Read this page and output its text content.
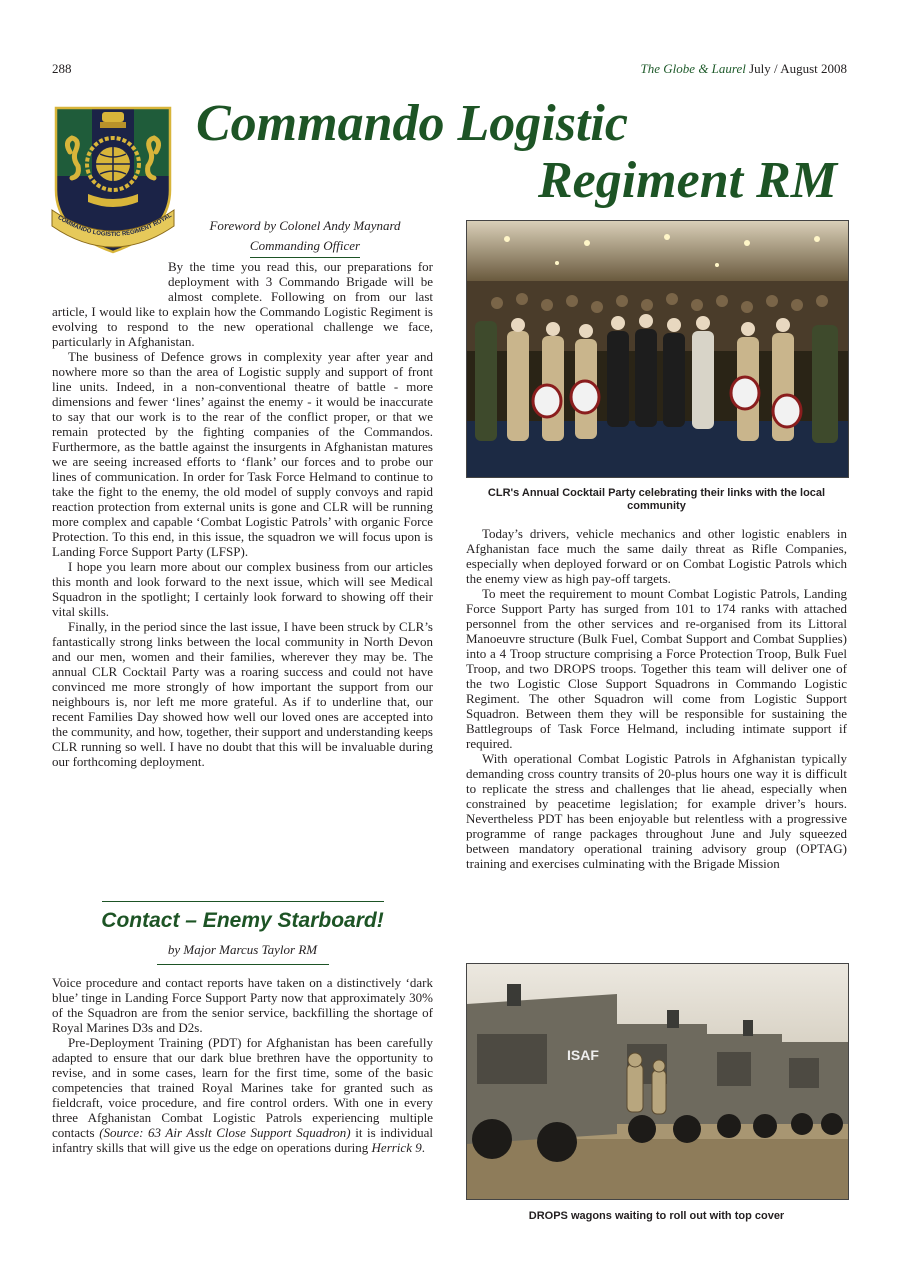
288	The Globe & Laurel July / August 2008
COMMANDO LOGISTIC REGIMENT ROYAL
Commando Logistic
Regiment RM
Foreword by Colonel Andy Maynard
Commanding Officer

By the time you read this, our preparations for deployment with 3 Commando Brigade will be almost complete. Following on from our last article, I would like to explain how the Commando Logistic Regiment is evolving to respond to the new operational challenge we face, particularly in Afghanistan.

The business of Defence grows in complexity year after year and nowhere more so than the area of Logistic supply and support of front line units. Indeed, in a non-conventional theatre of battle - more dimensions and fewer ‘lines’ against the enemy - it would be inaccurate to say that our work is to the rear of the conflict proper, or that we remain protected by the fighting companies of the Commandos. Furthermore, as the battle against the insurgents in Afghanistan matures we are seeing increased efforts to ‘flank’ our forces and to probe our lines of communication. In order for Task Force Helmand to continue to take the fight to the enemy, the old model of supply convoys and rapid reaction protection from external units is gone and CLR will be running more complex and capable ‘Combat Logistic Patrols’ with organic Force Protection. To this end, in this issue, the squadron we will focus upon is Landing Force Support Party (LFSP).

I hope you learn more about our complex business from our articles this month and look forward to the next issue, which will see Medical Squadron in the spotlight; I certainly look forward to showing off their vital skills.

Finally, in the period since the last issue, I have been struck by CLR’s fantastically strong links between the local community in North Devon and our men, women and their families, wherever they may be. The annual CLR Cocktail Party was a roaring success and could not have convinced me more strongly of how important the support from our neighbours is, nor left me more grateful. As if to underline that, our recent Families Day showed how well our loved ones are accepted into the community, and how, together, their support and understanding keeps CLR running so well. I have no doubt that this will be invaluable during our forthcoming deployment.

Contact – Enemy Starboard!
by Major Marcus Taylor RM

Voice procedure and contact reports have taken on a distinctively ‘dark blue’ tinge in Landing Force Support Party now that approximately 30% of the Squadron are from the senior service, backfilling the shortage of Royal Marines D3s and D2s.

Pre-Deployment Training (PDT) for Afghanistan has been carefully adapted to ensure that our dark blue brethren have the opportunity to revise, and in some cases, learn for the first time, some of the basic competencies that trained Royal Marines take for granted such as fieldcraft, voice procedure, and fire control orders. With one in every three Afghanistan Combat Logistic Patrols experiencing multiple contacts (Source: 63 Air Asslt Close Support Squadron) it is individual infantry skills that will give us the edge on operations during Herrick 9.

CLR's Annual Cocktail Party celebrating their links with the local community

Today’s drivers, vehicle mechanics and other logistic enablers in Afghanistan face much the same daily threat as Rifle Companies, especially when deployed forward or on Combat Logistic Patrols which the enemy view as high pay-off targets.

To meet the requirement to mount Combat Logistic Patrols, Landing Force Support Party has surged from 101 to 174 ranks with attached personnel from the other services and re-organised from its Littoral Manoeuvre structure (Bulk Fuel, Combat Support and Combat Supplies) into a 4 Troop structure comprising a Force Protection Troop, Bulk Fuel Troop, and two DROPS troops. Together this team will deliver one of the two Logistic Close Support Squadrons in Commando Logistic Regiment. The other Squadron will come from Logistic Support Squadron. Between them they will be responsible for sustaining the Battlegroups of Task Force Helmand, including intimate support if required.

With operational Combat Logistic Patrols in Afghanistan typically demanding cross country transits of 20-plus hours one way it is difficult to replicate the stress and challenges that lie ahead, especially when constrained by peacetime legislation; for example driver’s hours. Nevertheless PDT has been enjoyable but relentless with a progressive programme of range packages throughout June and July squeezed between mandatory operational training advisory group (OPTAG) training and exercises culminating with the Brigade Mission

ISAF
DROPS wagons waiting to roll out with top cover
